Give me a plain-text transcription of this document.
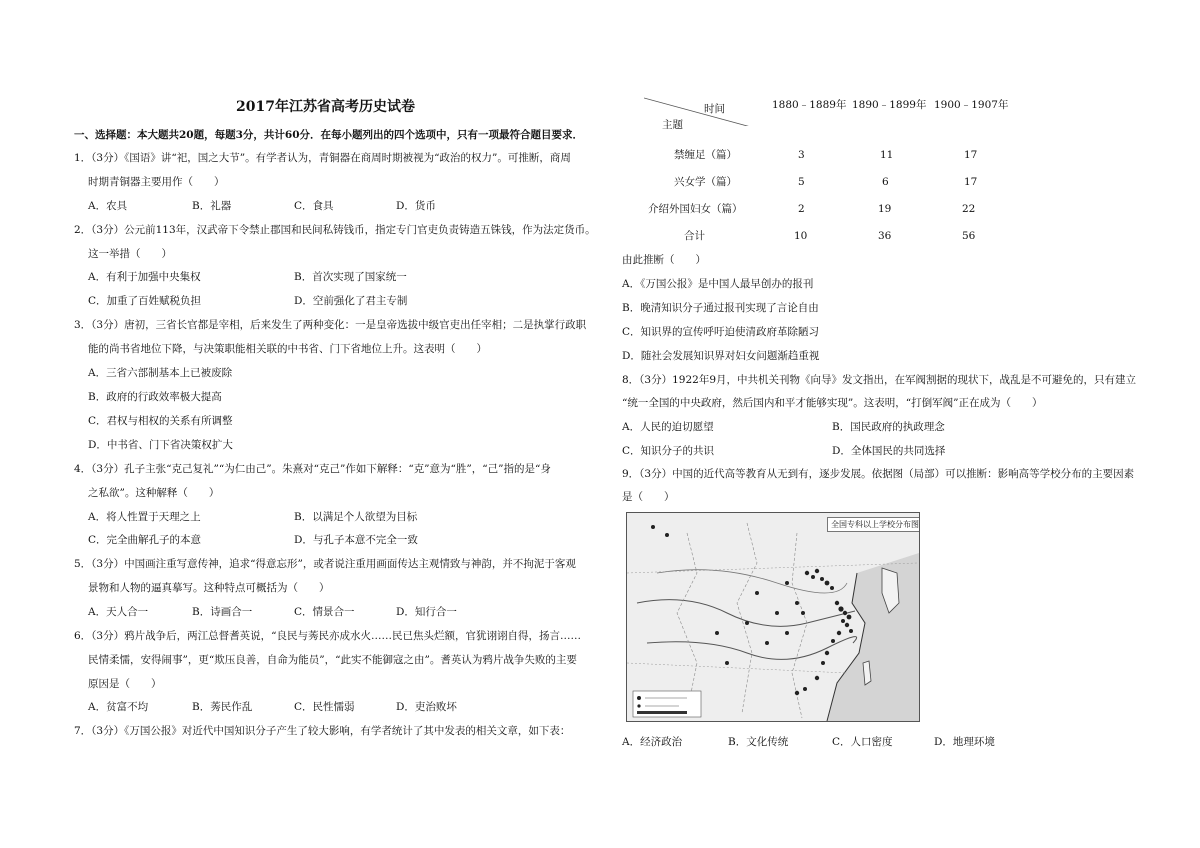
2017年江苏省高考历史试卷
一、选择题：本大题共20题，每题3分，共计60分．在每小题列出的四个选项中，只有一项最符合题目要求．
1．（3分）《国语》讲“祀，国之大节”。有学者认为，青铜器在商周时期被视为“政治的权力”。可推断，商周
时期青铜器主要用作（　　）
A．农具	B．礼器	C．食具	D．货币
2．（3分）公元前113年，汉武帝下令禁止郡国和民间私铸钱币，指定专门官吏负责铸造五铢钱，作为法定货币。
这一举措（　　）
A．有利于加强中央集权	B．首次实现了国家统一
C．加重了百姓赋税负担	D．空前强化了君主专制
3．（3分）唐初，三省长官都是宰相，后来发生了两种变化：一是皇帝选拔中级官吏出任宰相；二是执掌行政职
能的尚书省地位下降，与决策职能相关联的中书省、门下省地位上升。这表明（　　）
A．三省六部制基本上已被废除
B．政府的行政效率极大提高
C．君权与相权的关系有所调整
D．中书省、门下省决策权扩大
4．（3分）孔子主张“克己复礼”“为仁由己”。朱熹对“克己”作如下解释：“克”意为“胜”，“己”指的是“身
之私欲”。这种解释（　　）
A．将人性置于天理之上	B．以满足个人欲望为目标
C．完全曲解孔子的本意	D．与孔子本意不完全一致
5．（3分）中国画注重写意传神，追求“得意忘形”，或者说注重用画面传达主观情致与神韵，并不拘泥于客观
景物和人物的逼真摹写。这种特点可概括为（　　）
A．天人合一	B．诗画合一	C．情景合一	D．知行合一
6．（3分）鸦片战争后，两江总督耆英说，“良民与莠民亦成水火……民已焦头烂额，官犹诩诩自得，扬言……
民情柔懦，安得闹事”，更“欺压良善，自命为能员”，“此实不能御寇之由”。耆英认为鸦片战争失败的主要
原因是（　　）
A．贫富不均	B．莠民作乱	C．民性懦弱	D．吏治败坏
7．（3分）《万国公报》对近代中国知识分子产生了较大影响，有学者统计了其中发表的相关文章，如下表：
时间
主题
1880﹣1889年 1890﹣1899年 1900﹣1907年
禁缠足（篇）	3	11	17
兴女学（篇）	5	6	17
介绍外国妇女（篇）	2	19	22
合计	10	36	56
由此推断（　　）
A．《万国公报》是中国人最早创办的报刊
B．晚清知识分子通过报刊实现了言论自由
C．知识界的宣传呼吁迫使清政府革除陋习
D．随社会发展知识界对妇女问题渐趋重视
8．（3分）1922年9月，中共机关刊物《向导》发文指出，在军阀割据的现状下，战乱是不可避免的，只有建立
“统一全国的中央政府，然后国内和平才能够实现”。这表明，“打倒军阀”正在成为（　　）
A．人民的迫切愿望	B．国民政府的执政理念
C．知识分子的共识	D．全体国民的共同选择
9．（3分）中国的近代高等教育从无到有，逐步发展。依据图（局部）可以推断：影响高等学校分布的主要因素
是（　　）
全国专科以上学校分布图
A．经济政治	B．文化传统	C．人口密度	D．地理环境
